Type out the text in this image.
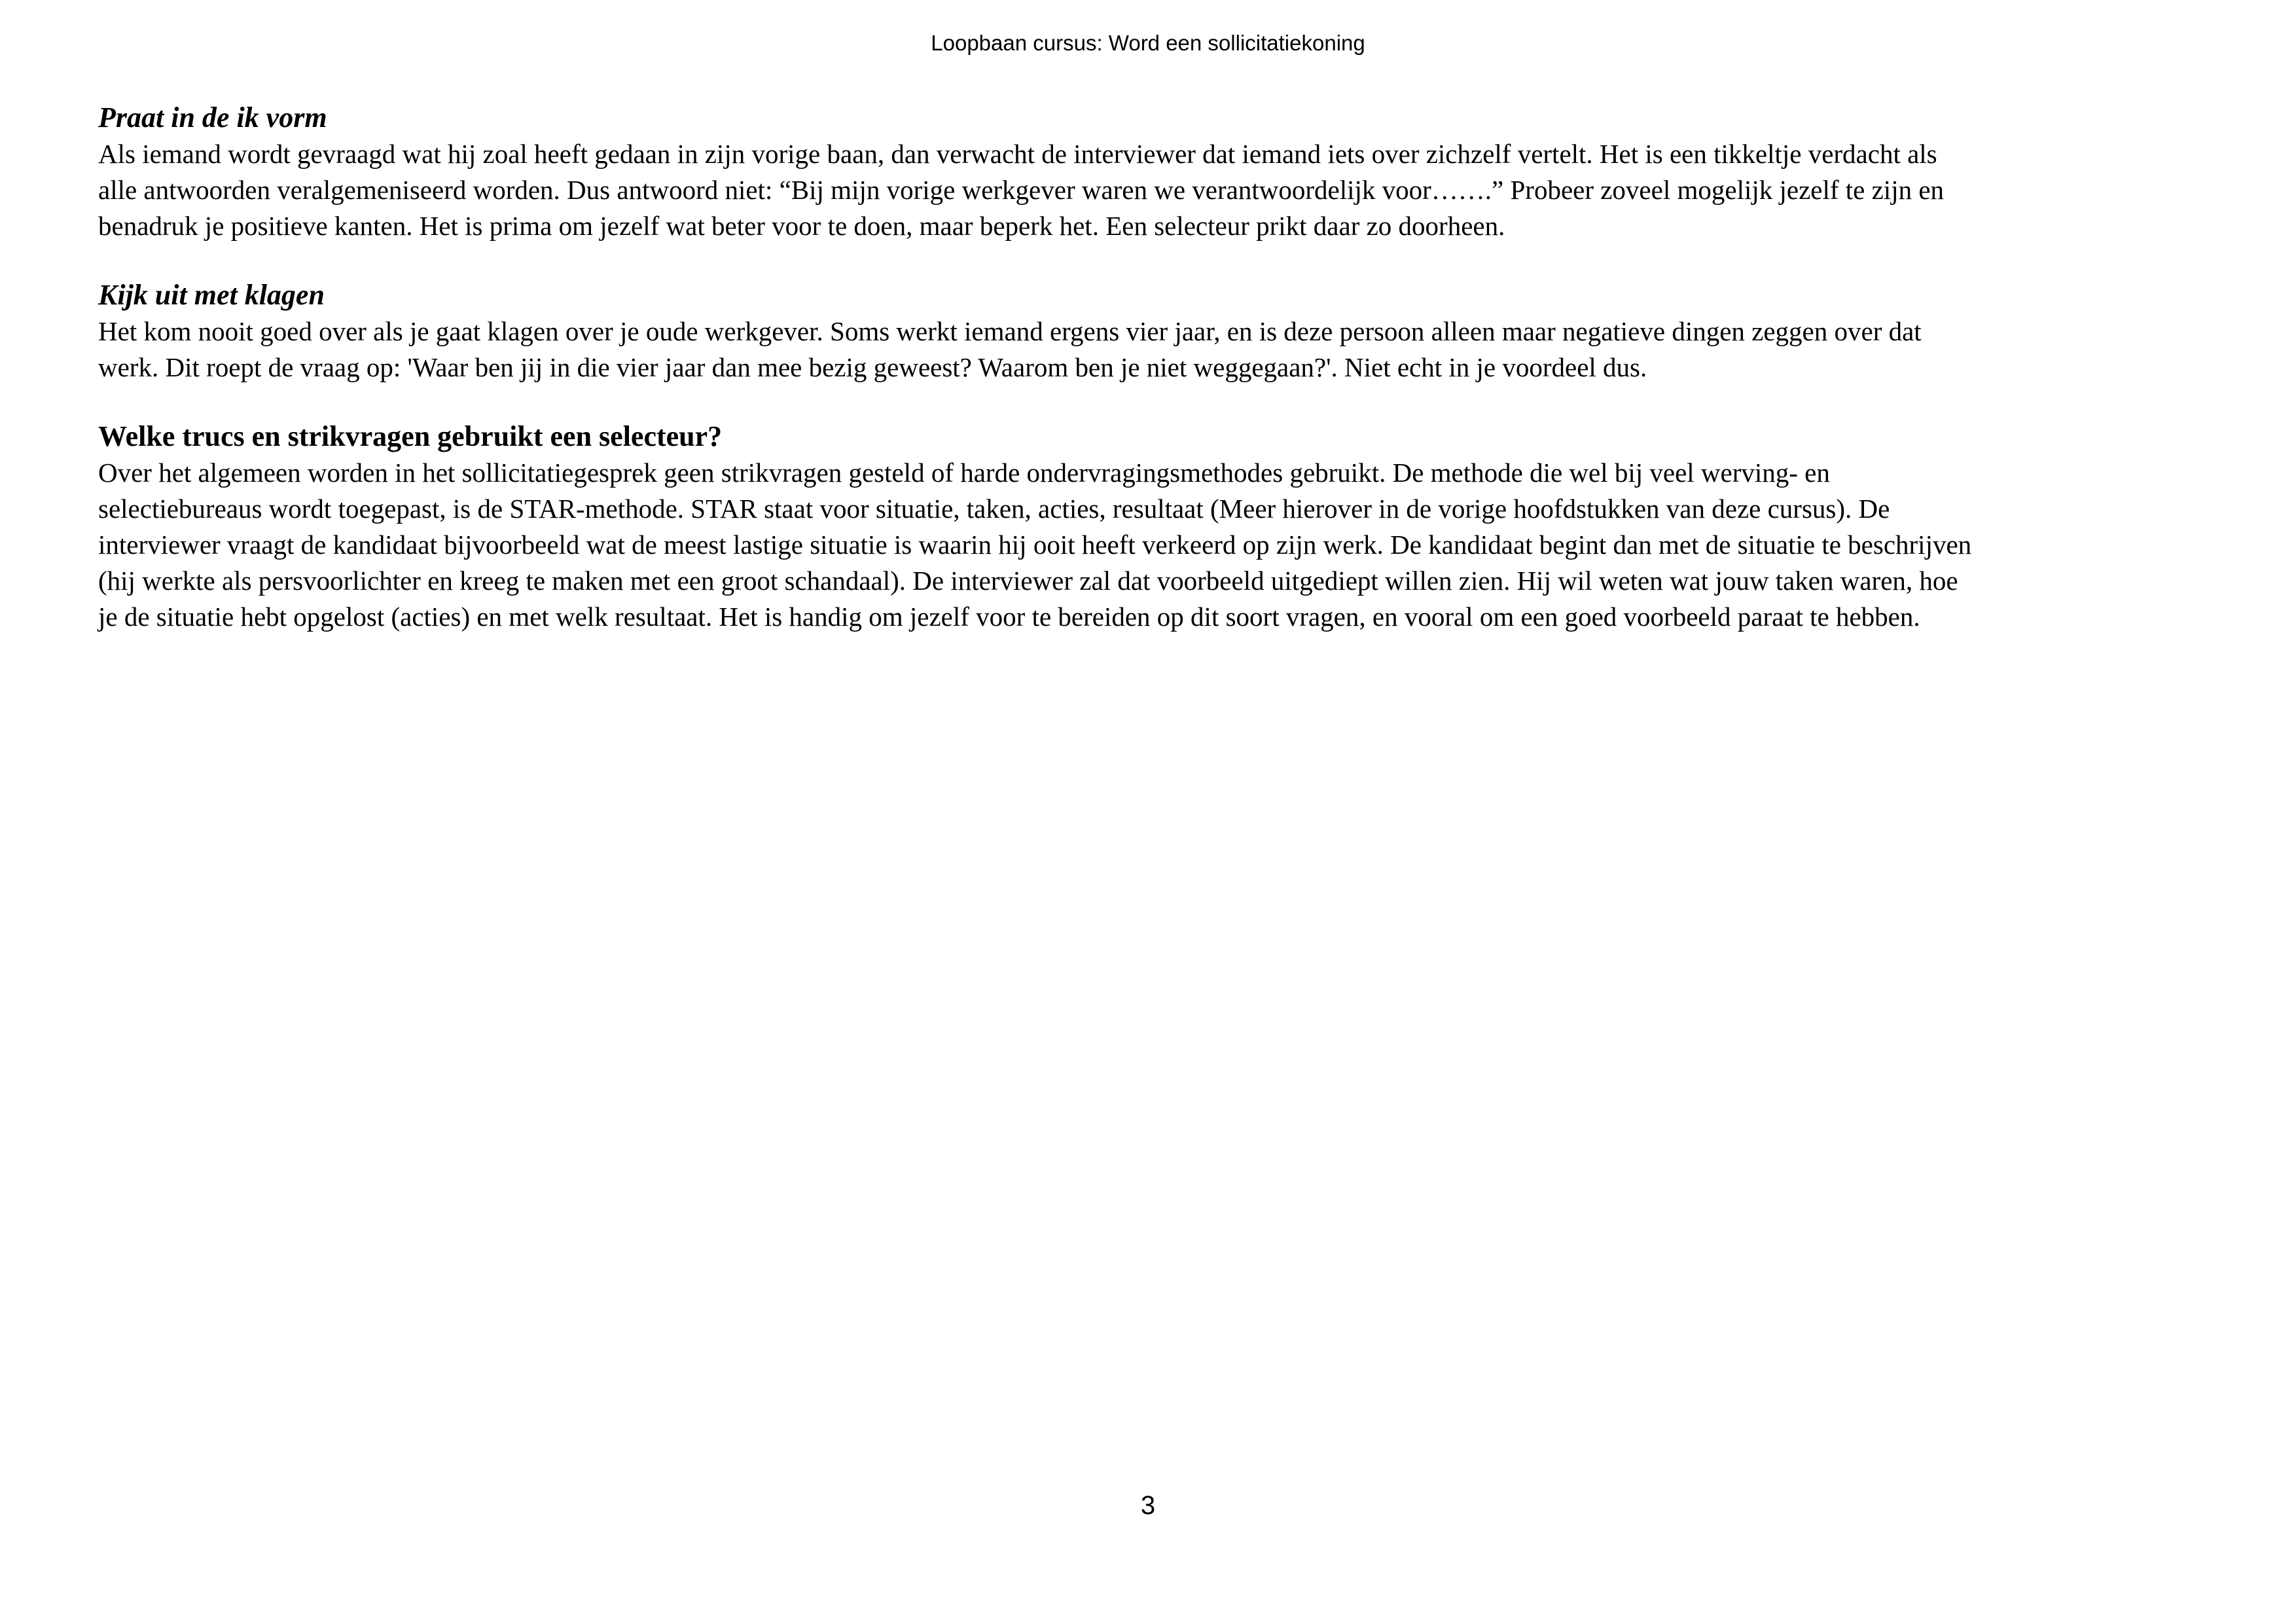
Loopbaan cursus: Word een sollicitatiekoning
Praat in de ik vorm
Als iemand wordt gevraagd wat hij zoal heeft gedaan in zijn vorige baan, dan verwacht de interviewer dat iemand iets over zichzelf vertelt. Het is een tikkeltje verdacht als
alle antwoorden veralgemeniseerd worden. Dus antwoord niet: “Bij mijn vorige werkgever waren we verantwoordelijk voor…….” Probeer zoveel mogelijk jezelf te zijn en
benadruk je positieve kanten. Het is prima om jezelf wat beter voor te doen, maar beperk het. Een selecteur prikt daar zo doorheen.
Kijk uit met klagen
Het kom nooit goed over als je gaat klagen over je oude werkgever. Soms werkt iemand ergens vier jaar, en is deze persoon alleen maar negatieve dingen zeggen over dat
werk. Dit roept de vraag op: 'Waar ben jij in die vier jaar dan mee bezig geweest? Waarom ben je niet weggegaan?'. Niet echt in je voordeel dus.
Welke trucs en strikvragen gebruikt een selecteur?
Over het algemeen worden in het sollicitatiegesprek geen strikvragen gesteld of harde ondervragingsmethodes gebruikt. De methode die wel bij veel werving- en
selectiebureaus wordt toegepast, is de STAR-methode. STAR staat voor situatie, taken, acties, resultaat (Meer hierover in de vorige hoofdstukken van deze cursus). De
interviewer vraagt de kandidaat bijvoorbeeld wat de meest lastige situatie is waarin hij ooit heeft verkeerd op zijn werk. De kandidaat begint dan met de situatie te beschrijven
(hij werkte als persvoorlichter en kreeg te maken met een groot schandaal). De interviewer zal dat voorbeeld uitgediept willen zien. Hij wil weten wat jouw taken waren, hoe
je de situatie hebt opgelost (acties) en met welk resultaat. Het is handig om jezelf voor te bereiden op dit soort vragen, en vooral om een goed voorbeeld paraat te hebben.
3
